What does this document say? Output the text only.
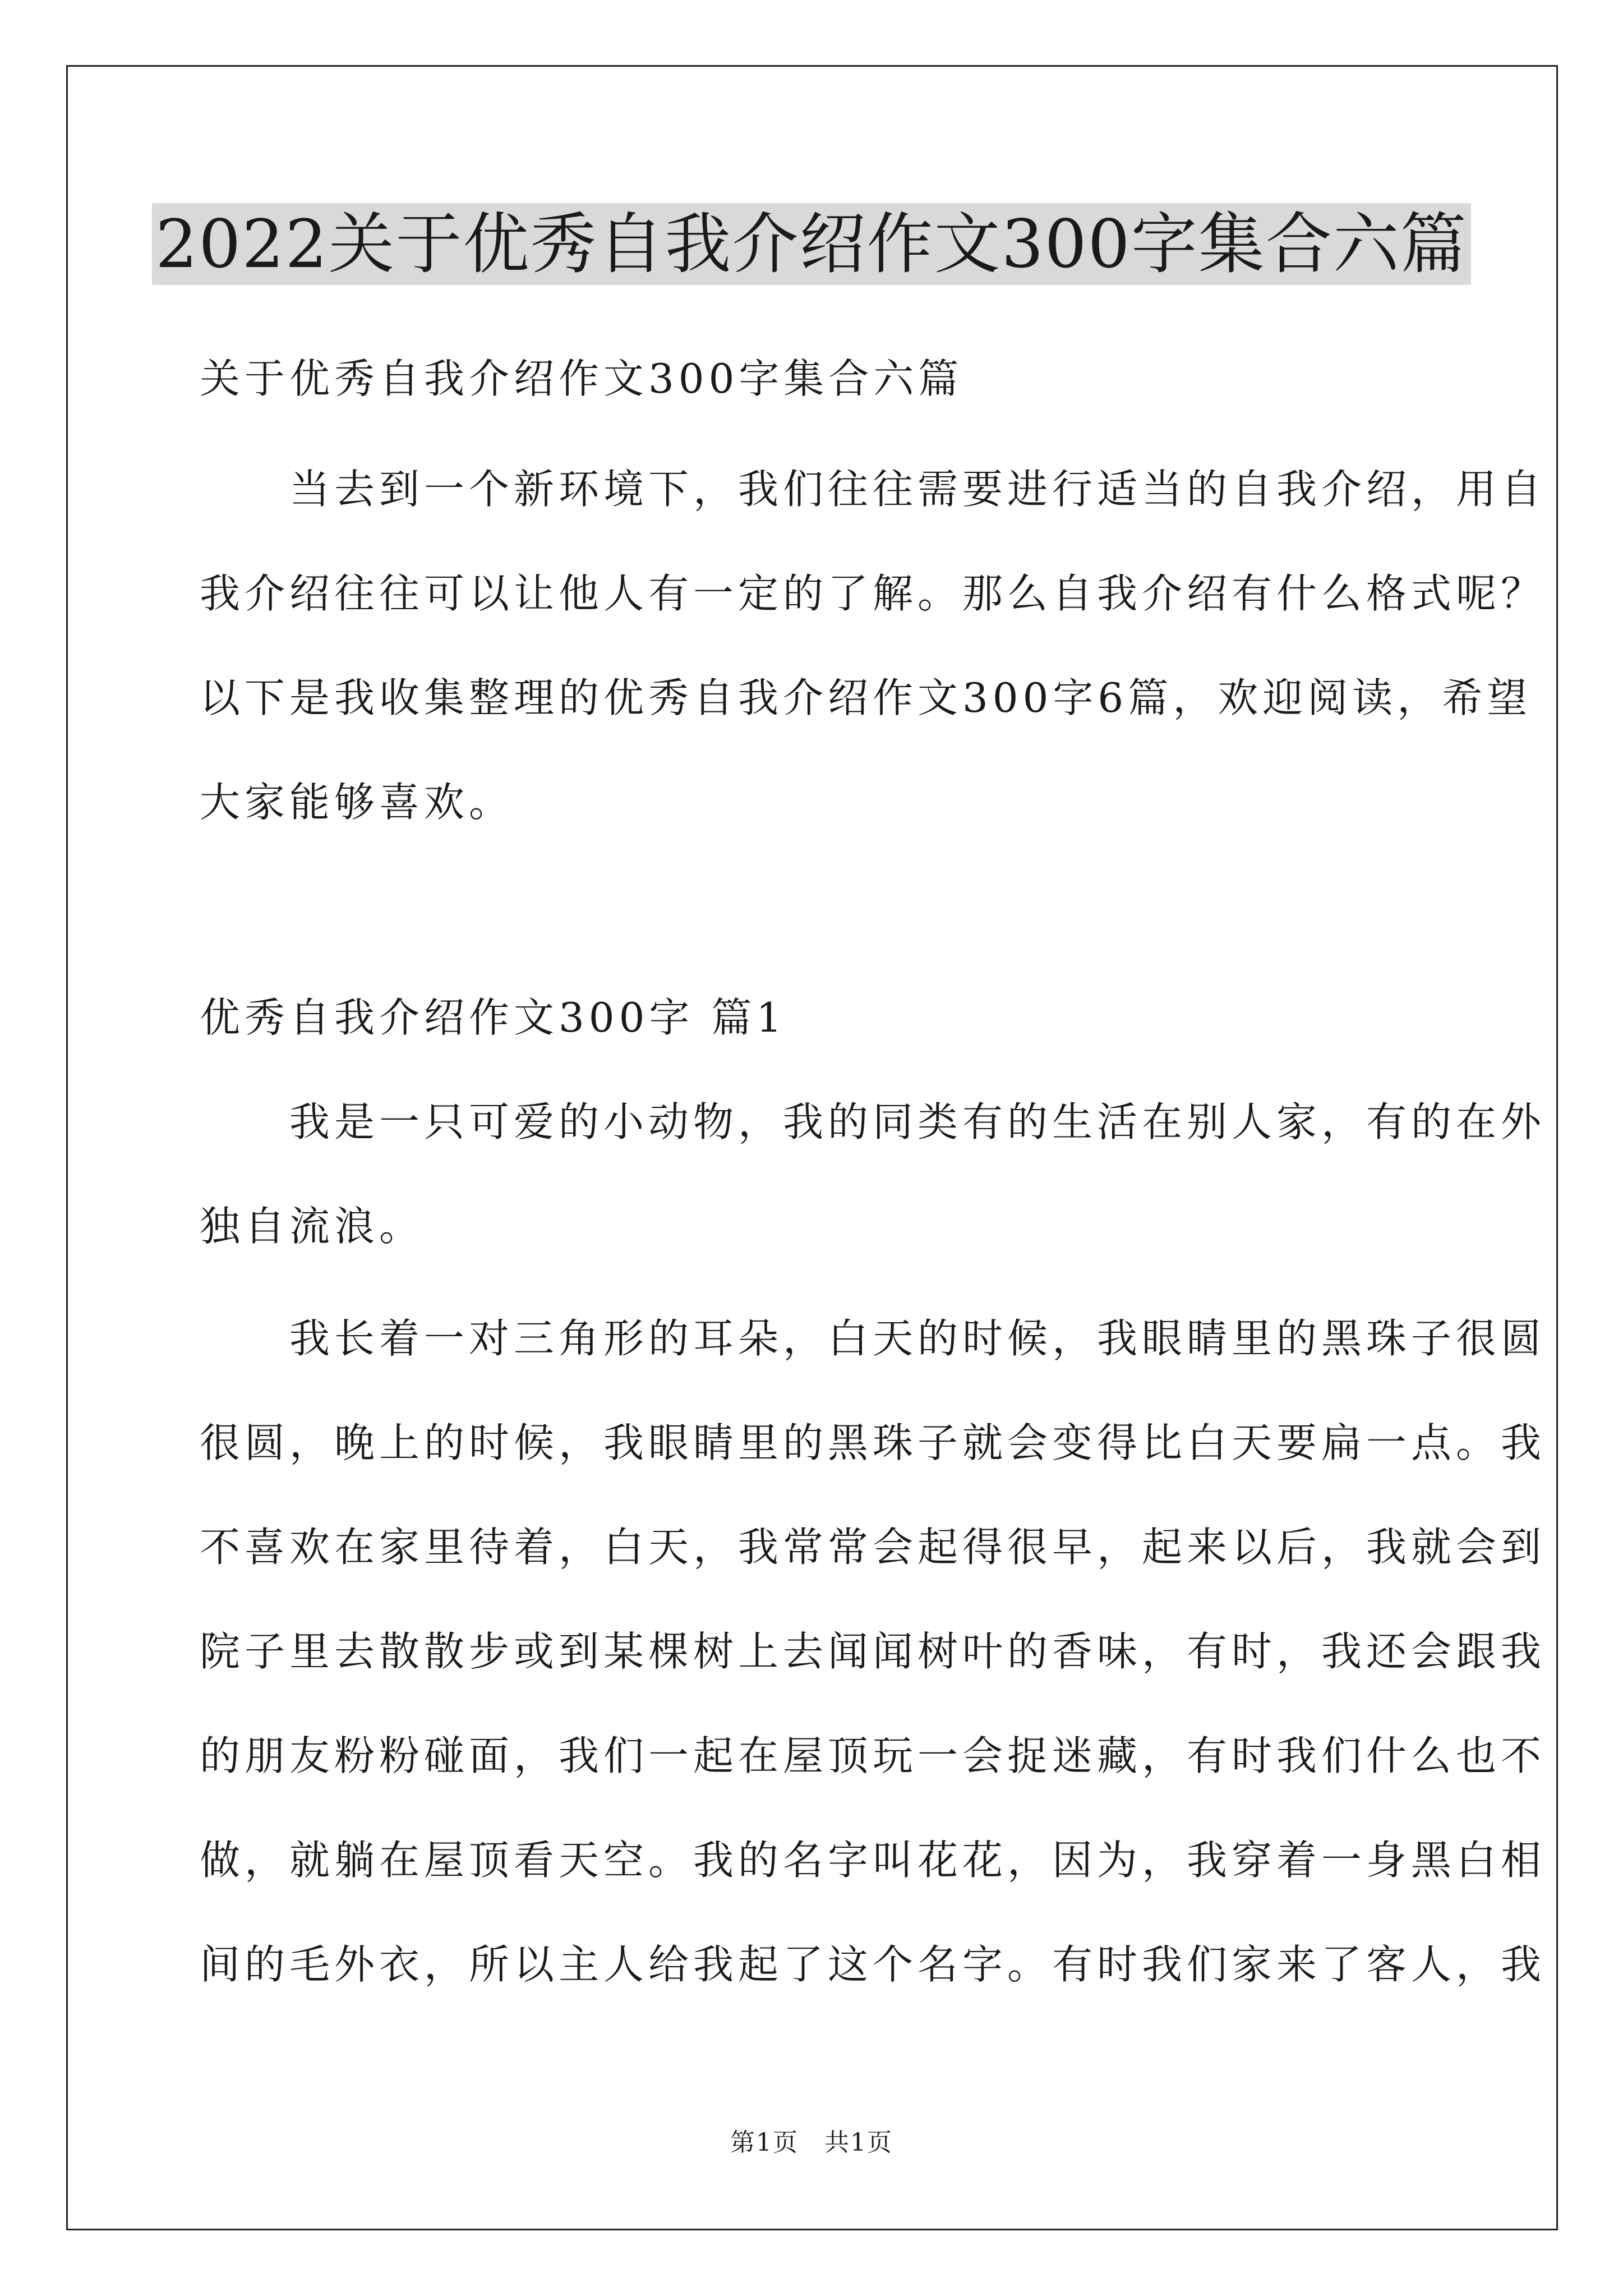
2022关于优秀自我介绍作文300字集合六篇
关于优秀自我介绍作文300字集合六篇
　　当去到一个新环境下，我们往往需要进行适当的自我介绍，用自
我介绍往往可以让他人有一定的了解。那么自我介绍有什么格式呢？
以下是我收集整理的优秀自我介绍作文300字6篇，欢迎阅读，希望
大家能够喜欢。
优秀自我介绍作文300字 篇1
　　我是一只可爱的小动物，我的同类有的生活在别人家，有的在外
独自流浪。
　　我长着一对三角形的耳朵，白天的时候，我眼睛里的黑珠子很圆
很圆，晚上的时候，我眼睛里的黑珠子就会变得比白天要扁一点。我
不喜欢在家里待着，白天，我常常会起得很早，起来以后，我就会到
院子里去散散步或到某棵树上去闻闻树叶的香味，有时，我还会跟我
的朋友粉粉碰面，我们一起在屋顶玩一会捉迷藏，有时我们什么也不
做，就躺在屋顶看天空。我的名字叫花花，因为，我穿着一身黑白相
间的毛外衣，所以主人给我起了这个名字。有时我们家来了客人，我
第1页　共1页
